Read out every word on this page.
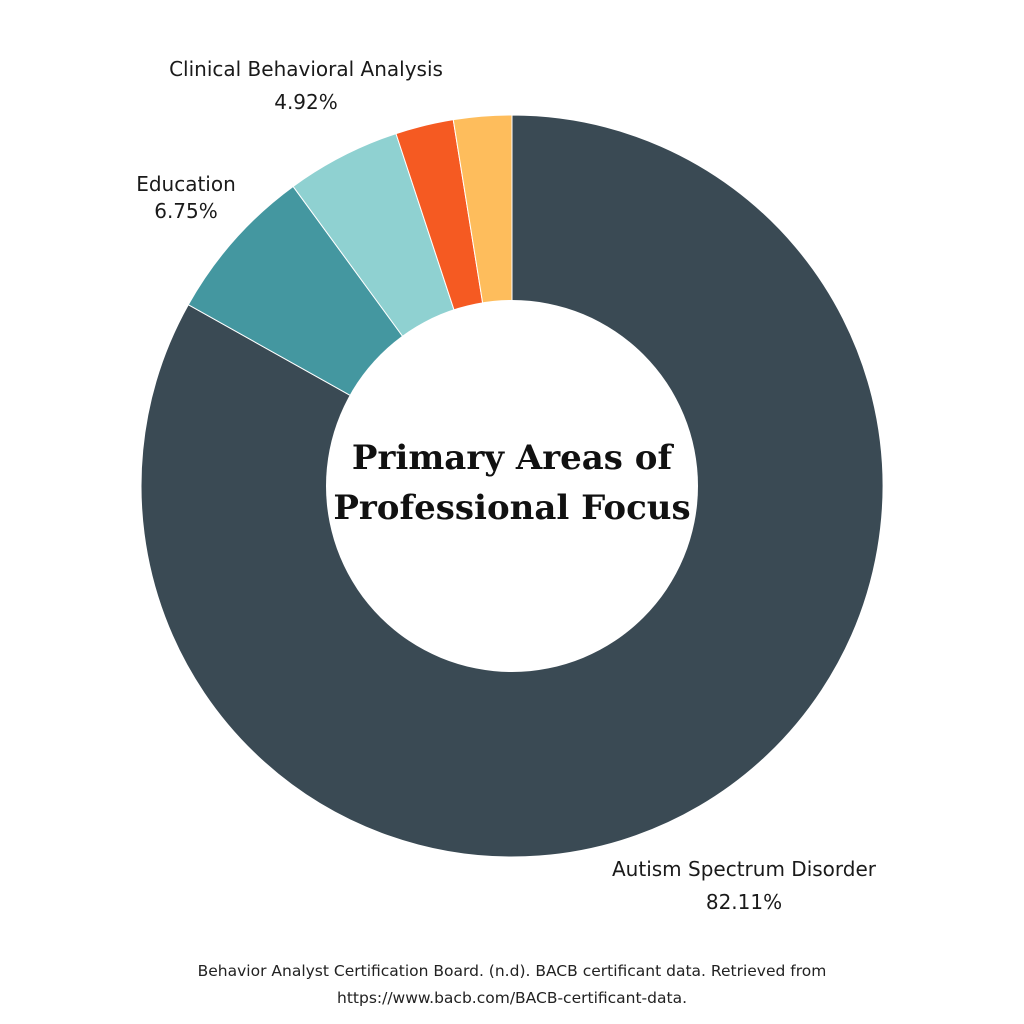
Primary Areas of
Professional Focus
Clinical Behavioral Analysis
4.92%
Education
6.75%
Autism Spectrum Disorder
82.11%
Behavior Analyst Certification Board. (n.d). BACB certificant data. Retrieved from
https://www.bacb.com/BACB-certificant-data.
